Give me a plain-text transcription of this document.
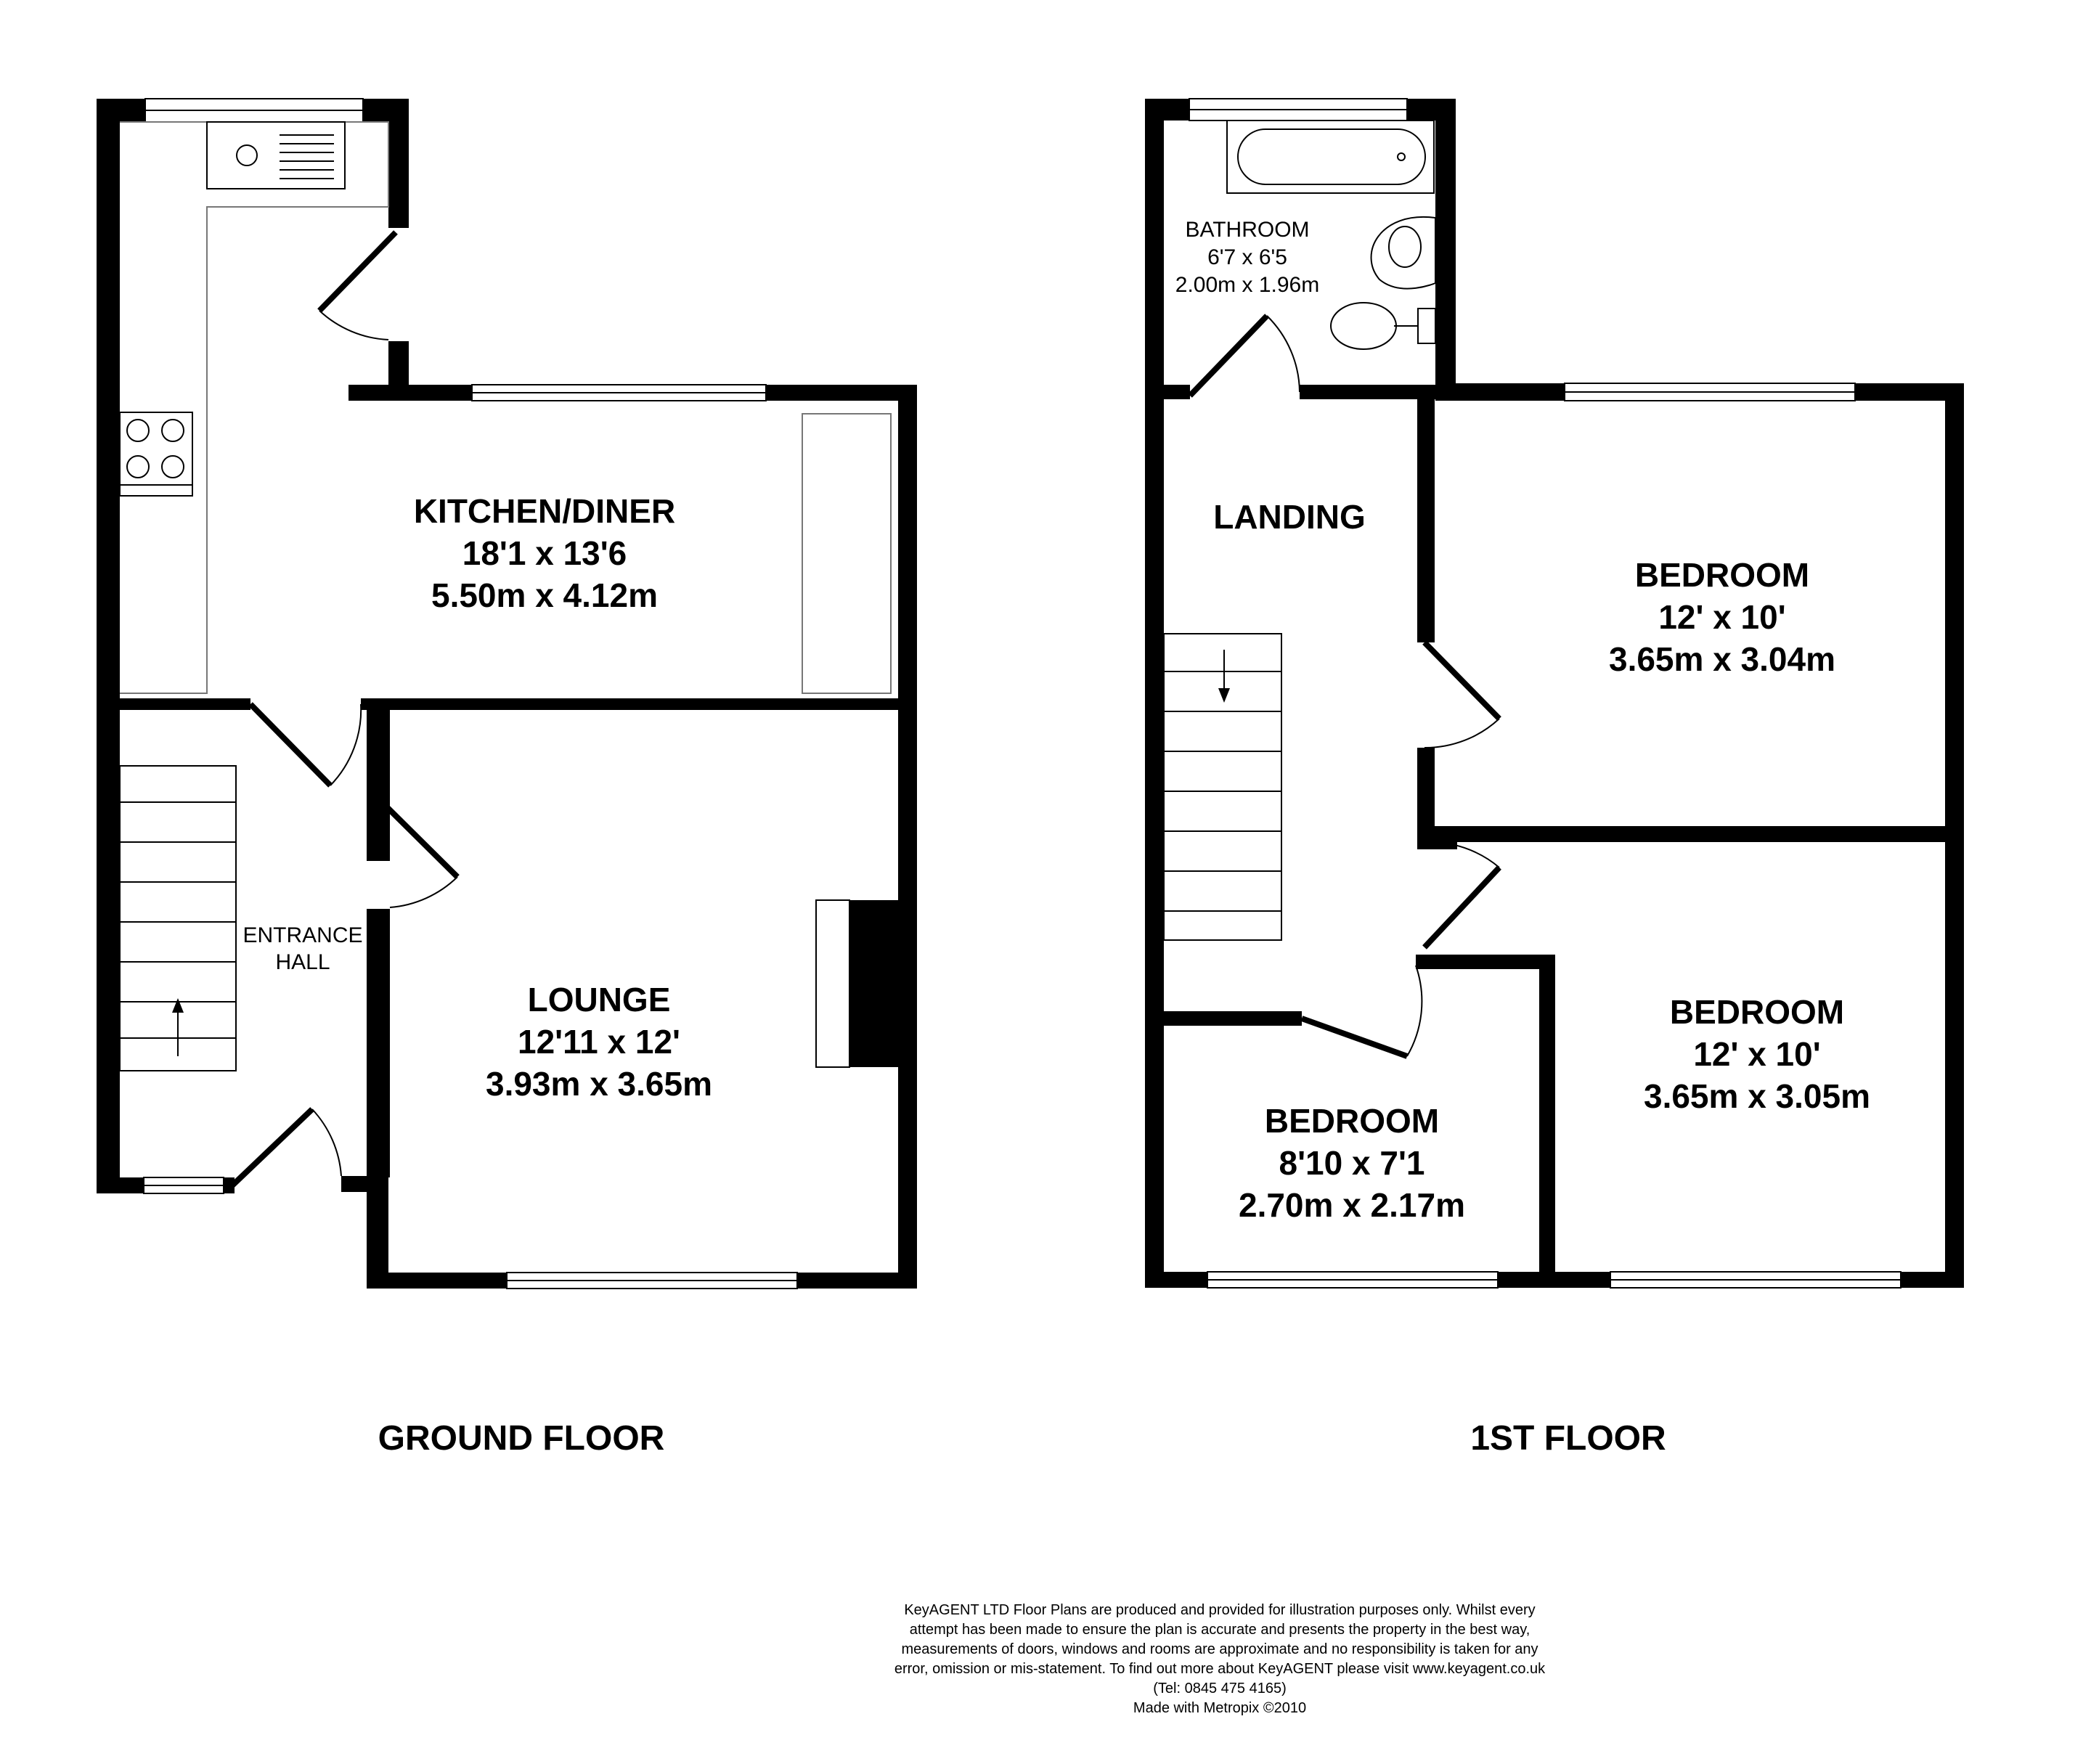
KITCHEN/DINER
18'1 x 13'6
5.50m x 4.12m
LOUNGE
12'11 x 12'
3.93m x 3.65m
ENTRANCE
HALL
GROUND FLOOR
BATHROOM
6'7 x 6'5
2.00m x 1.96m
LANDING
BEDROOM
12' x 10'
3.65m x 3.04m
BEDROOM
12' x 10'
3.65m x 3.05m
BEDROOM
8'10 x 7'1
2.70m x 2.17m
1ST FLOOR
KeyAGENT LTD Floor Plans are produced and provided for illustration purposes only. Whilst every
attempt has been made to ensure the plan is accurate and presents the property in the best way,
measurements of doors, windows and rooms are approximate and no responsibility is taken for any
error, omission or mis-statement. To find out more about KeyAGENT please visit www.keyagent.co.uk
(Tel: 0845 475 4165)
Made with Metropix ©2010
